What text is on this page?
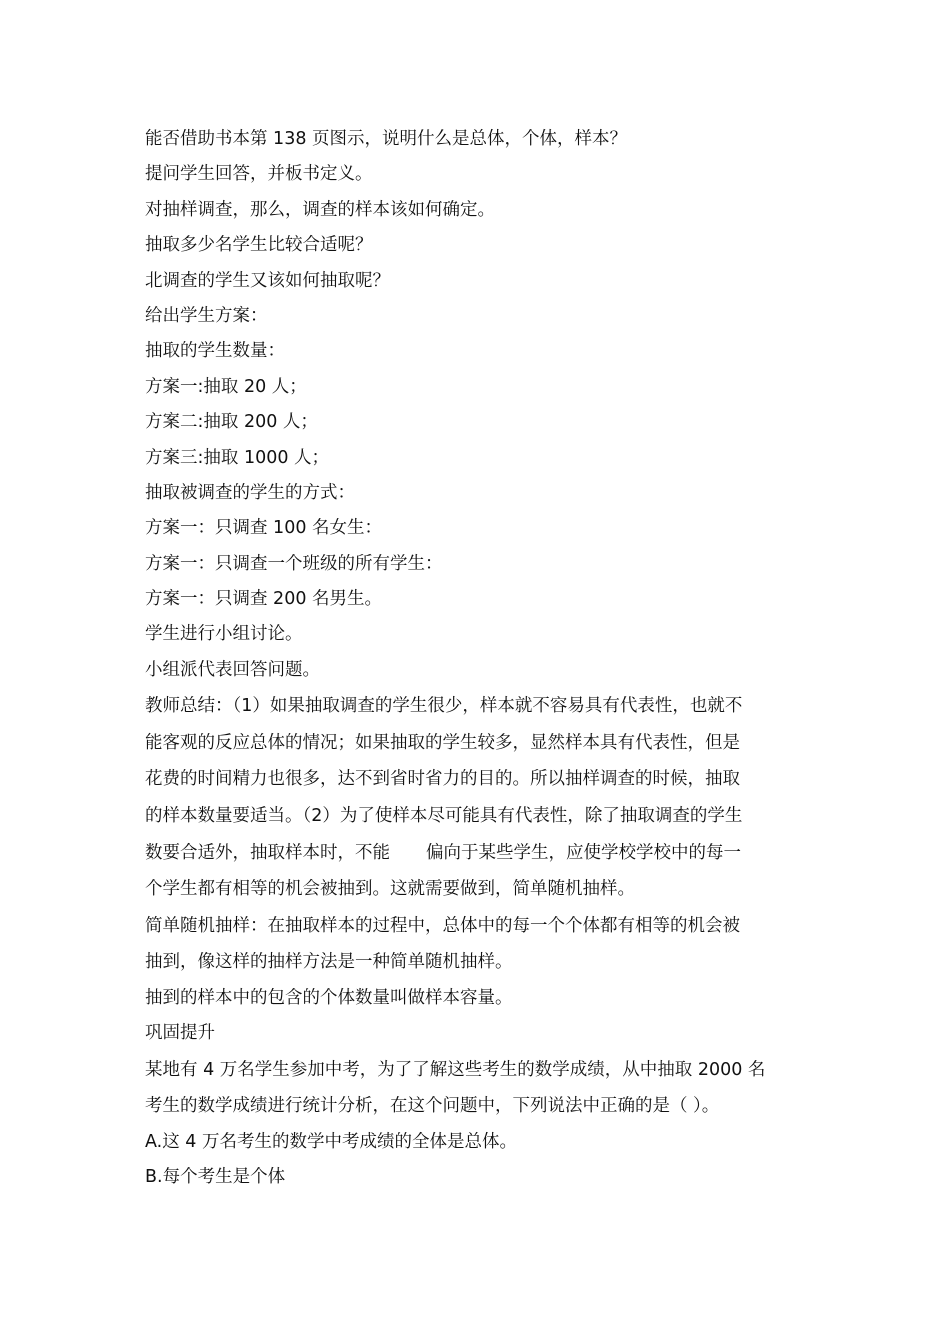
能否借助书本第 138 页图示，说明什么是总体，个体，样本？
提问学生回答，并板书定义。
对抽样调查，那么，调查的样本该如何确定。
抽取多少名学生比较合适呢？
北调查的学生又该如何抽取呢？
给出学生方案：
抽取的学生数量：
方案一:抽取 20 人；
方案二:抽取 200 人；
方案三:抽取 1000 人；
抽取被调查的学生的方式：
方案一：只调查 100 名女生：
方案一：只调查一个班级的所有学生：
方案一：只调查 200 名男生。
学生进行小组讨论。
小组派代表回答问题。
教师总结：（1）如果抽取调查的学生很少，样本就不容易具有代表性，也就不
能客观的反应总体的情况；如果抽取的学生较多，显然样本具有代表性，但是
花费的时间精力也很多，达不到省时省力的目的。所以抽样调查的时候，抽取
的样本数量要适当。（2）为了使样本尽可能具有代表性，除了抽取调查的学生
数要合适外，抽取样本时，不能 偏向于某些学生，应使学校学校中的每一
个学生都有相等的机会被抽到。这就需要做到，简单随机抽样。
简单随机抽样：在抽取样本的过程中，总体中的每一个个体都有相等的机会被
抽到，像这样的抽样方法是一种简单随机抽样。
抽到的样本中的包含的个体数量叫做样本容量。
巩固提升
某地有 4 万名学生参加中考，为了了解这些考生的数学成绩，从中抽取 2000 名
考生的数学成绩进行统计分析，在这个问题中，下列说法中正确的是（ ）。
A.这 4 万名考生的数学中考成绩的全体是总体。
B.每个考生是个体
